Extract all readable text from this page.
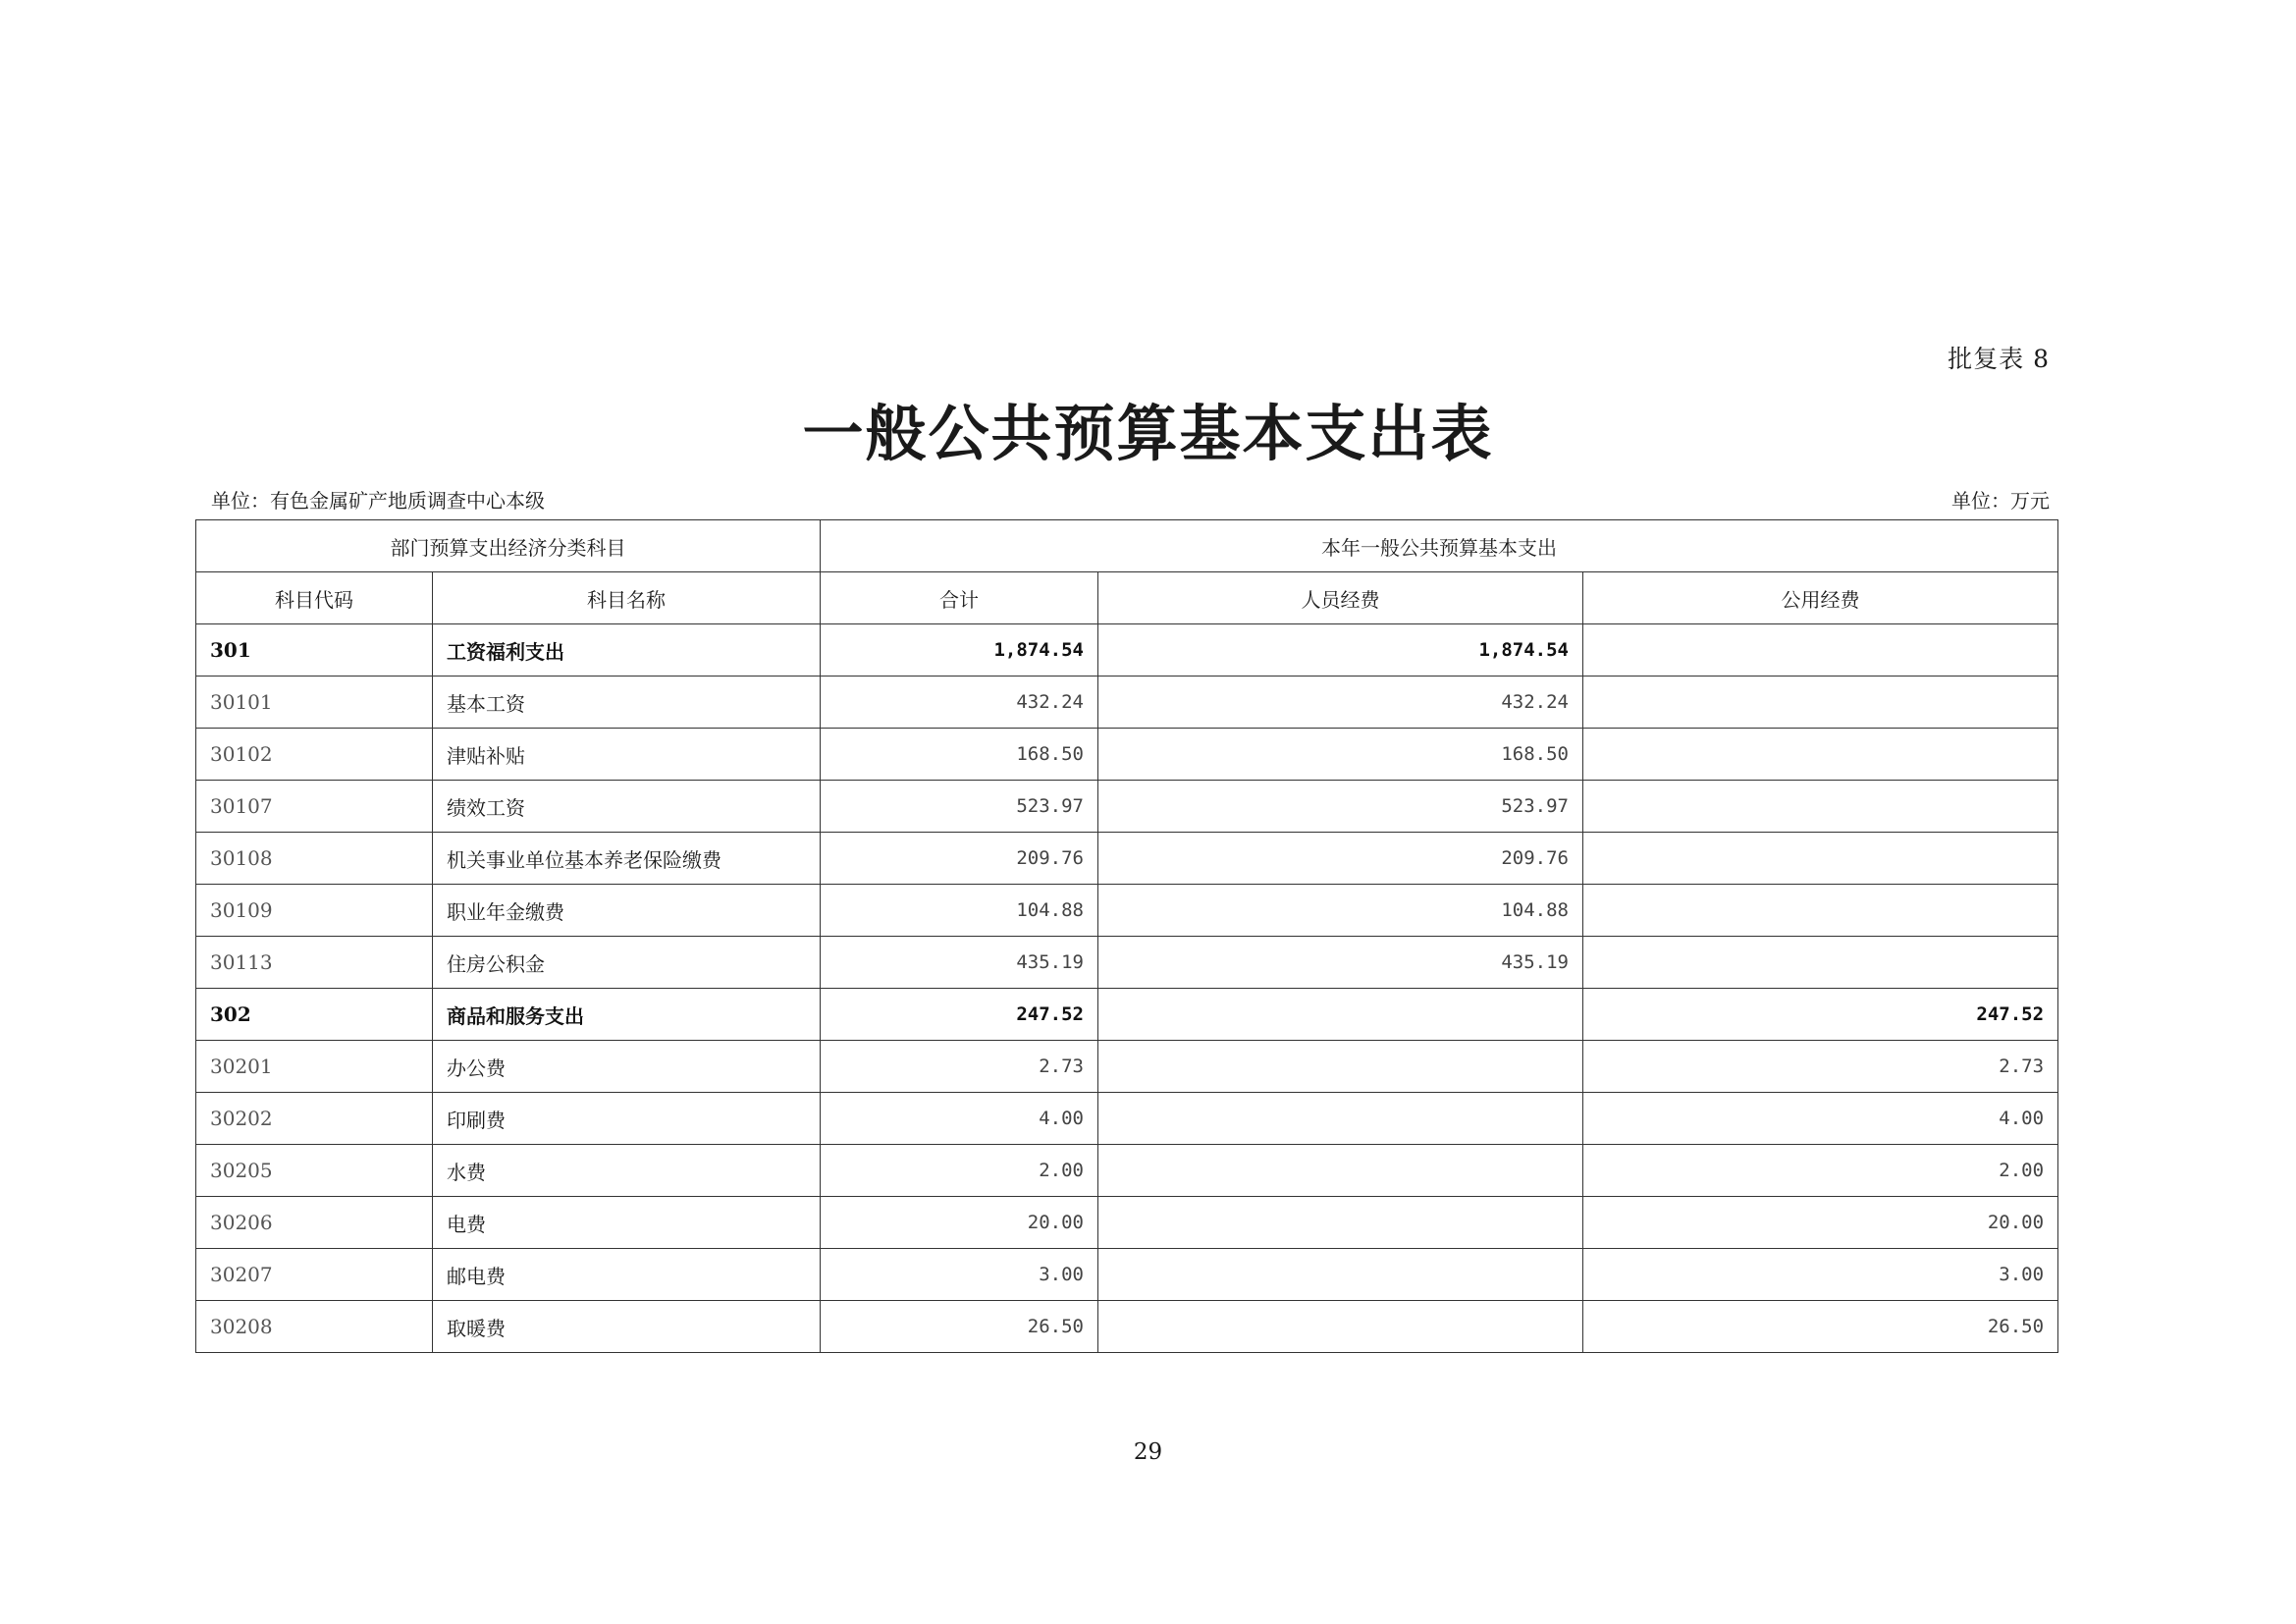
批复表 8
一般公共预算基本支出表
单位：有色金属矿产地质调查中心本级	单位：万元
部门预算支出经济分类科目		本年一般公共预算基本支出		
科目代码	科目名称	合计	人员经费	公用经费
301	工资福利支出	1,874.54	1,874.54	
30101	基本工资	432.24	432.24	
30102	津贴补贴	168.50	168.50	
30107	绩效工资	523.97	523.97	
30108	机关事业单位基本养老保险缴费	209.76	209.76	
30109	职业年金缴费	104.88	104.88	
30113	住房公积金	435.19	435.19	
302	商品和服务支出	247.52		247.52
30201	办公费	2.73		2.73
30202	印刷费	4.00		4.00
30205	水费	2.00		2.00
30206	电费	20.00		20.00
30207	邮电费	3.00		3.00
30208	取暖费	26.50		26.50
29
